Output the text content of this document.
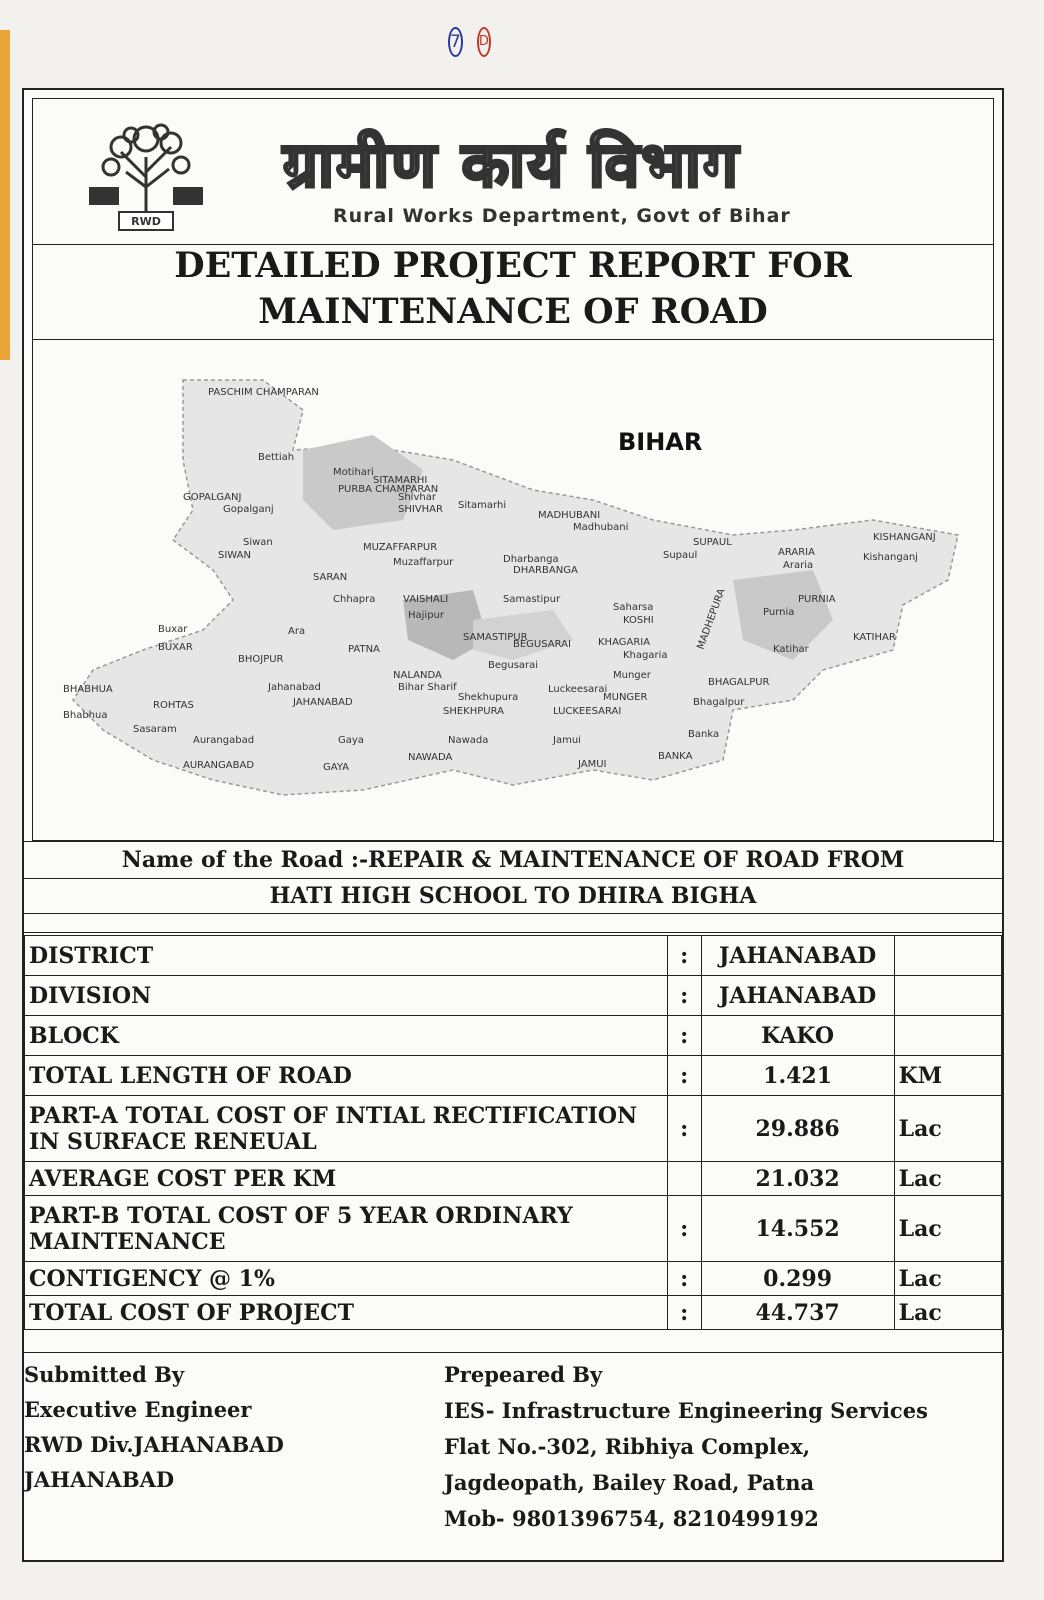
7 D
RWD
ग्रामीण कार्य विभाग
Rural Works Department, Govt of Bihar
DETAILED PROJECT REPORT FOR
MAINTENANCE OF ROAD
BIHAR
PASCHIM CHAMPARAN
Bettiah
Motihari
SITAMARHI
PURBA CHAMPARAN
Shivhar
SHIVHAR Sitamarhi
GOPALGANJ
Gopalganj
MADHUBANI
Madhubani
Siwan
SIWAN
MUZAFFARPUR
Muzaffarpur	Dharbanga
DHARBANGA
SUPAUL
Supaul	ARARIA
Araria
KISHANGANJ
Kishanganj
SARAN
Chhapra	VAISHALI	Samastipur
Saharsa
KOSHI
PURNIA
Purnia
Hajipur
SAMASTIPUR
Buxar
BUXAR
Ara
PATNA	BEGUSARAI	KHAGARIA
Khagaria
Katihar
KATIHAR
BHOJPUR
Begusarai
Munger
BHAGALPUR
NALANDA
Jahanabad	Bihar Sharif
Shekhupura
Luckeesarai
MUNGER	Bhagalpur
BHABHUA
Bhabhua
ROHTAS	JAHANABAD
SHEKHPURA	LUCKEESARAI
Sasaram
Aurangabad	Gaya	Nawada	Jamui
Banka
AURANGABAD	GAYA
NAWADA
JAMUI
BANKA
MADHEPURA
Name of the Road :-REPAIR & MAINTENANCE OF ROAD FROM
HATI HIGH SCHOOL TO DHIRA BIGHA
DISTRICT	:	JAHANABAD	
DIVISION	:	JAHANABAD	
BLOCK	:	KAKO	
TOTAL LENGTH OF ROAD	:	1.421	KM
PART-A TOTAL COST OF INTIAL RECTIFICATION IN SURFACE RENEUAL	:	29.886	Lac
AVERAGE COST PER KM		21.032	Lac
PART-B TOTAL COST OF 5 YEAR ORDINARY MAINTENANCE	:	14.552	Lac
CONTIGENCY @ 1%	:	0.299	Lac
TOTAL COST OF PROJECT	:	44.737	Lac
Submitted By
Executive Engineer
RWD Div.JAHANABAD
JAHANABAD
Prepeared By
IES- Infrastructure Engineering Services
Flat No.-302, Ribhiya Complex,
Jagdeopath, Bailey Road, Patna
Mob- 9801396754, 8210499192
